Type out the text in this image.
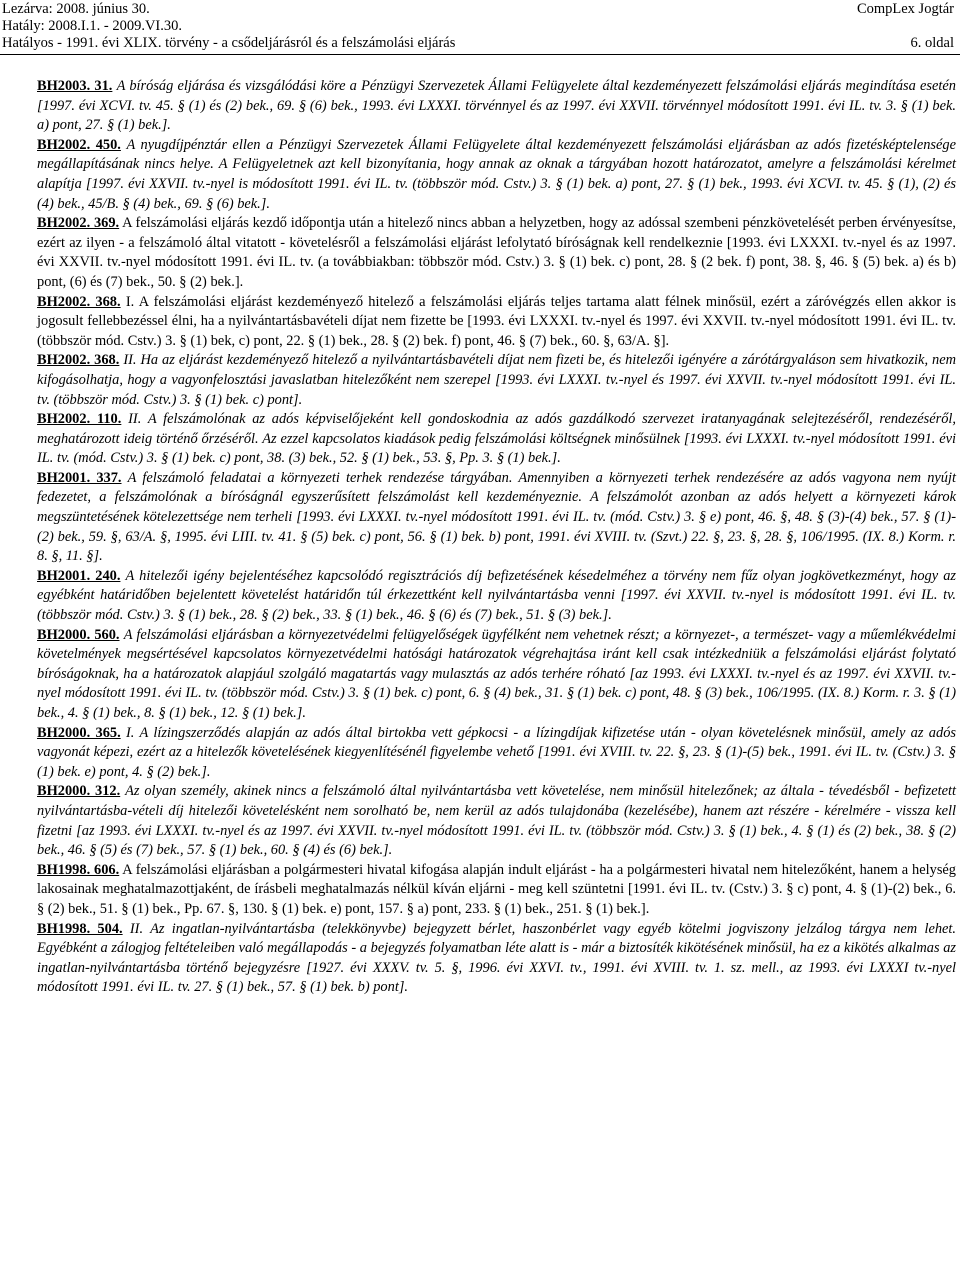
Lezárva: 2008. június 30.
Hatály: 2008.I.1. - 2009.VI.30.
Hatályos - 1991. évi XLIX. törvény - a csődeljárásról és a felszámolási eljárás
CompLex Jogtár

6. oldal

BH2003. 31. A bíróság eljárása és vizsgálódási köre a Pénzügyi Szervezetek Állami Felügyelete által kezdeményezett felszámolási eljárás megindítása esetén [1997. évi XCVI. tv. 45. § (1) és (2) bek., 69. § (6) bek., 1993. évi LXXXI. törvénnyel és az 1997. évi XXVII. törvénnyel módosított 1991. évi IL. tv. 3. § (1) bek. a) pont, 27. § (1) bek.].

BH2002. 450. A nyugdíjpénztár ellen a Pénzügyi Szervezetek Állami Felügyelete által kezdeményezett felszámolási eljárásban az adós fizetésképtelensége megállapításának nincs helye. A Felügyeletnek azt kell bizonyítania, hogy annak az oknak a tárgyában hozott határozatot, amelyre a felszámolási kérelmet alapítja [1997. évi XXVII. tv.-nyel is módosított 1991. évi IL. tv. (többször mód. Cstv.) 3. § (1) bek. a) pont, 27. § (1) bek., 1993. évi XCVI. tv. 45. § (1), (2) és (4) bek., 45/B. § (4) bek., 69. § (6) bek.].

BH2002. 369. A felszámolási eljárás kezdő időpontja után a hitelező nincs abban a helyzetben, hogy az adóssal szembeni pénzkövetelését perben érvényesítse, ezért az ilyen - a felszámoló által vitatott - követelésről a felszámolási eljárást lefolytató bíróságnak kell rendelkeznie [1993. évi LXXXI. tv.-nyel és az 1997. évi XXVII. tv.-nyel módosított 1991. évi IL. tv. (a továbbiakban: többször mód. Cstv.) 3. § (1) bek. c) pont, 28. § (2 bek. f) pont, 38. §, 46. § (5) bek. a) és b) pont, (6) és (7) bek., 50. § (2) bek.].

BH2002. 368. I. A felszámolási eljárást kezdeményező hitelező a felszámolási eljárás teljes tartama alatt félnek minősül, ezért a záróvégzés ellen akkor is jogosult fellebbezéssel élni, ha a nyilvántartásbavételi díjat nem fizette be [1993. évi LXXXI. tv.-nyel és 1997. évi XXVII. tv.-nyel módosított 1991. évi IL. tv. (többször mód. Cstv.) 3. § (1) bek, c) pont, 22. § (1) bek., 28. § (2) bek. f) pont, 46. § (7) bek., 60. §, 63/A. §].

BH2002. 368. II. Ha az eljárást kezdeményező hitelező a nyilvántartásbavételi díjat nem fizeti be, és hitelezői igényére a zárótárgyaláson sem hivatkozik, nem kifogásolhatja, hogy a vagyonfelosztási javaslatban hitelezőként nem szerepel [1993. évi LXXXI. tv.-nyel és 1997. évi XXVII. tv.-nyel módosított 1991. évi IL. tv. (többször mód. Cstv.) 3. § (1) bek. c) pont].

BH2002. 110. II. A felszámolónak az adós képviselőjeként kell gondoskodnia az adós gazdálkodó szervezet iratanyagának selejtezéséről, rendezéséről, meghatározott ideig történő őrzéséről. Az ezzel kapcsolatos kiadások pedig felszámolási költségnek minősülnek [1993. évi LXXXI. tv.-nyel módosított 1991. évi IL. tv. (mód. Cstv.) 3. § (1) bek. c) pont, 38. (3) bek., 52. § (1) bek., 53. §, Pp. 3. § (1) bek.].

BH2001. 337. A felszámoló feladatai a környezeti terhek rendezése tárgyában. Amennyiben a környezeti terhek rendezésére az adós vagyona nem nyújt fedezetet, a felszámolónak a bíróságnál egyszerűsített felszámolást kell kezdeményeznie. A felszámolót azonban az adós helyett a környezeti károk megszüntetésének kötelezettsége nem terheli [1993. évi LXXXI. tv.-nyel módosított 1991. évi IL. tv. (mód. Cstv.) 3. § e) pont, 46. §, 48. § (3)-(4) bek., 57. § (1)-(2) bek., 59. §, 63/A. §, 1995. évi LIII. tv. 41. § (5) bek. c) pont, 56. § (1) bek. b) pont, 1991. évi XVIII. tv. (Szvt.) 22. §, 23. §, 28. §, 106/1995. (IX. 8.) Korm. r. 8. §, 11. §].

BH2001. 240. A hitelezői igény bejelentéséhez kapcsolódó regisztrációs díj befizetésének késedelméhez a törvény nem fűz olyan jogkövetkezményt, hogy az egyébként határidőben bejelentett követelést határidőn túl érkezettként kell nyilvántartásba venni [1997. évi XXVII. tv.-nyel is módosított 1991. évi IL. tv. (többször mód. Cstv.) 3. § (1) bek., 28. § (2) bek., 33. § (1) bek., 46. § (6) és (7) bek., 51. § (3) bek.].

BH2000. 560. A felszámolási eljárásban a környezetvédelmi felügyelőségek ügyfélként nem vehetnek részt; a környezet-, a természet- vagy a műemlékvédelmi követelmények megsértésével kapcsolatos környezetvédelmi hatósági határozatok végrehajtása iránt kell csak intézkedniük a felszámolási eljárást folytató bíróságoknak, ha a határozatok alapjául szolgáló magatartás vagy mulasztás az adós terhére róható [az 1993. évi LXXXI. tv.-nyel és az 1997. évi XXVII. tv.-nyel módosított 1991. évi IL. tv. (többször mód. Cstv.) 3. § (1) bek. c) pont, 6. § (4) bek., 31. § (1) bek. c) pont, 48. § (3) bek., 106/1995. (IX. 8.) Korm. r. 3. § (1) bek., 4. § (1) bek., 8. § (1) bek., 12. § (1) bek.].

BH2000. 365. I. A lízingszerződés alapján az adós által birtokba vett gépkocsi - a lízingdíjak kifizetése után - olyan követelésnek minősül, amely az adós vagyonát képezi, ezért az a hitelezők követelésének kiegyenlítésénél figyelembe vehető [1991. évi XVIII. tv. 22. §, 23. § (1)-(5) bek., 1991. évi IL. tv. (Cstv.) 3. § (1) bek. e) pont, 4. § (2) bek.].

BH2000. 312. Az olyan személy, akinek nincs a felszámoló által nyilvántartásba vett követelése, nem minősül hitelezőnek; az általa - tévedésből - befizetett nyilvántartásba-vételi díj hitelezői követelésként nem sorolható be, nem kerül az adós tulajdonába (kezelésébe), hanem azt részére - kérelmére - vissza kell fizetni [az 1993. évi LXXXI. tv.-nyel és az 1997. évi XXVII. tv.-nyel módosított 1991. évi IL. tv. (többször mód. Cstv.) 3. § (1) bek., 4. § (1) és (2) bek., 38. § (2) bek., 46. § (5) és (7) bek., 57. § (1) bek., 60. § (4) és (6) bek.].

BH1998. 606. A felszámolási eljárásban a polgármesteri hivatal kifogása alapján indult eljárást - ha a polgármesteri hivatal nem hitelezőként, hanem a helység lakosainak meghatalmazottjaként, de írásbeli meghatalmazás nélkül kíván eljárni - meg kell szüntetni [1991. évi IL. tv. (Cstv.) 3. § c) pont, 4. § (1)-(2) bek., 6. § (2) bek., 51. § (1) bek., Pp. 67. §, 130. § (1) bek. e) pont, 157. § a) pont, 233. § (1) bek., 251. § (1) bek.].

BH1998. 504. II. Az ingatlan-nyilvántartásba (telekkönyvbe) bejegyzett bérlet, haszonbérlet vagy egyéb kötelmi jogviszony jelzálog tárgya nem lehet. Egyébként a zálogjog feltételeiben való megállapodás - a bejegyzés folyamatban léte alatt is - már a biztosíték kikötésének minősül, ha ez a kikötés alkalmas az ingatlan-nyilvántartásba történő bejegyzésre [1927. évi XXXV. tv. 5. §, 1996. évi XXVI. tv., 1991. évi XVIII. tv. 1. sz. mell., az 1993. évi LXXXI tv.-nyel módosított 1991. évi IL. tv. 27. § (1) bek., 57. § (1) bek. b) pont].
